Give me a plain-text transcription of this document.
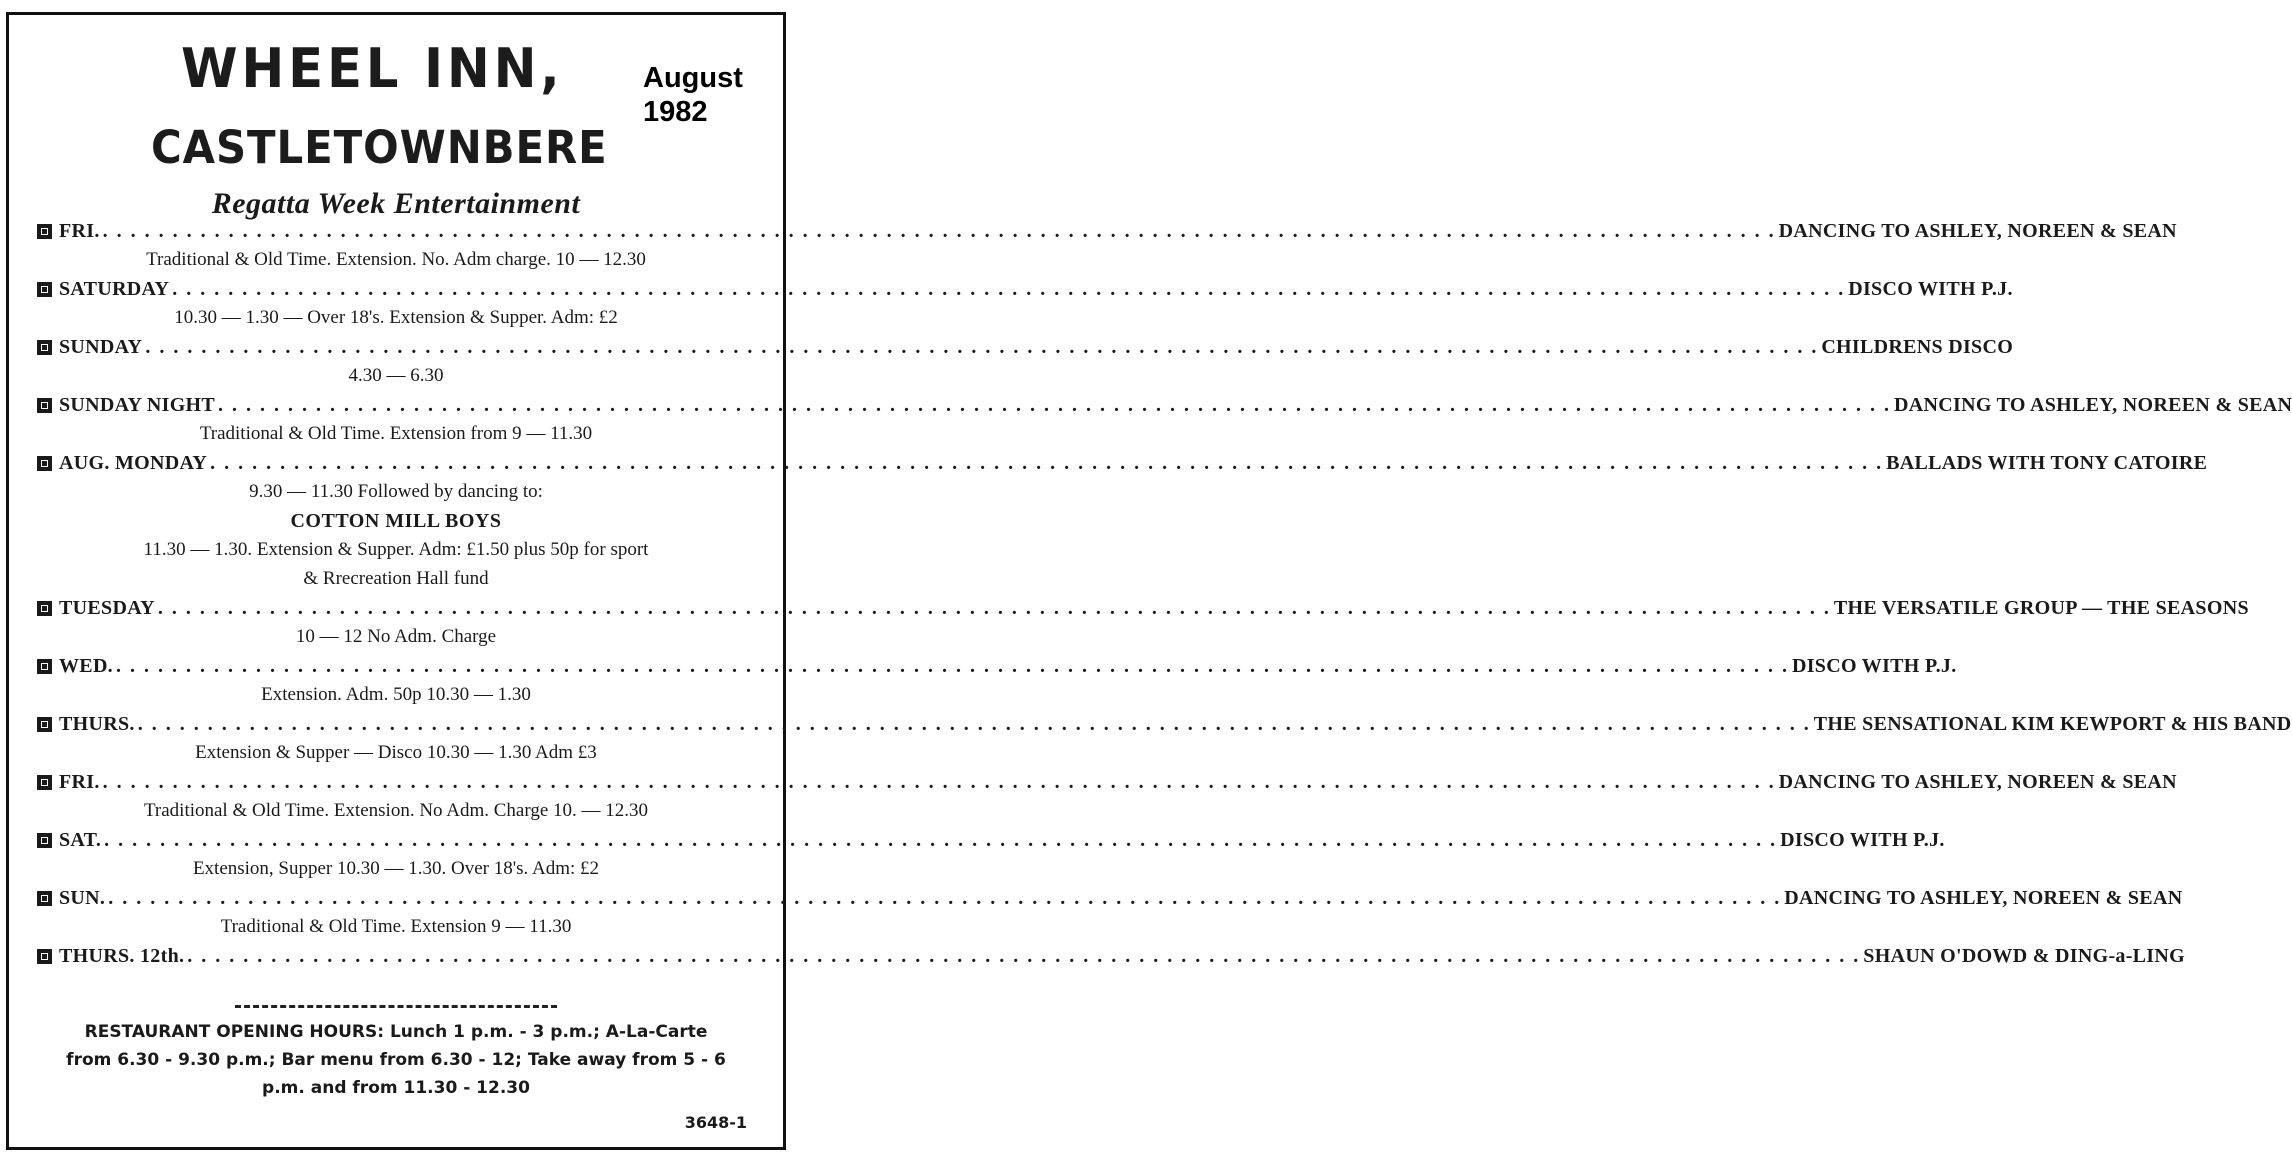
WHEEL INN,
CASTLETOWNBERE
August
1982
Regatta Week Entertainment
FRI. . . . . . . . . . . . . . . . . . . . . . . . . . . . . . . . . . . . . . . . . . . . . . . . . . . . . . . . . . . . . . . . . . . . . . . . . . . . . . . . . . . . . . . . . . . . . . . . . . . . . . . . . . . . . . . . . . . . . . . . . DANCING TO ASHLEY, NOREEN & SEAN
Traditional & Old Time. Extension. No. Adm charge. 10 — 12.30
SATURDAY . . . . . . . . . . . . . . . . . . . . . . . . . . . . . . . . . . . . . . . . . . . . . . . . . . . . . . . . . . . . . . . . . . . . . . . . . . . . . . . . . . . . . . . . . . . . . . . . . . . . . . . . . . . . . . . . . . . . . . . . DISCO WITH P.J.
10.30 — 1.30 — Over 18's. Extension & Supper. Adm: £2
SUNDAY . . . . . . . . . . . . . . . . . . . . . . . . . . . . . . . . . . . . . . . . . . . . . . . . . . . . . . . . . . . . . . . . . . . . . . . . . . . . . . . . . . . . . . . . . . . . . . . . . . . . . . . . . . . . . . . . . . . . . . . . CHILDRENS DISCO
4.30 — 6.30
SUNDAY NIGHT . . . . . . . . . . . . . . . . . . . . . . . . . . . . . . . . . . . . . . . . . . . . . . . . . . . . . . . . . . . . . . . . . . . . . . . . . . . . . . . . . . . . . . . . . . . . . . . . . . . . . . . . . . . . . . . . . . . . . . . . DANCING TO ASHLEY, NOREEN & SEAN
Traditional & Old Time. Extension from 9 — 11.30
AUG. MONDAY . . . . . . . . . . . . . . . . . . . . . . . . . . . . . . . . . . . . . . . . . . . . . . . . . . . . . . . . . . . . . . . . . . . . . . . . . . . . . . . . . . . . . . . . . . . . . . . . . . . . . . . . . . . . . . . . . . . . . . . . BALLADS WITH TONY CATOIRE
9.30 — 11.30 Followed by dancing to:
COTTON MILL BOYS
11.30 — 1.30. Extension & Supper. Adm: £1.50 plus 50p for sport
& Rrecreation Hall fund
TUESDAY . . . . . . . . . . . . . . . . . . . . . . . . . . . . . . . . . . . . . . . . . . . . . . . . . . . . . . . . . . . . . . . . . . . . . . . . . . . . . . . . . . . . . . . . . . . . . . . . . . . . . . . . . . . . . . . . . . . . . . . . THE VERSATILE GROUP — THE SEASONS
10 — 12 No Adm. Charge
WED. . . . . . . . . . . . . . . . . . . . . . . . . . . . . . . . . . . . . . . . . . . . . . . . . . . . . . . . . . . . . . . . . . . . . . . . . . . . . . . . . . . . . . . . . . . . . . . . . . . . . . . . . . . . . . . . . . . . . . . . . DISCO WITH P.J.
Extension. Adm. 50p 10.30 — 1.30
THURS. . . . . . . . . . . . . . . . . . . . . . . . . . . . . . . . . . . . . . . . . . . . . . . . . . . . . . . . . . . . . . . . . . . . . . . . . . . . . . . . . . . . . . . . . . . . . . . . . . . . . . . . . . . . . . . . . . . . . . . . . THE SENSATIONAL KIM KEWPORT & HIS BAND
Extension & Supper — Disco 10.30 — 1.30 Adm £3
FRI. . . . . . . . . . . . . . . . . . . . . . . . . . . . . . . . . . . . . . . . . . . . . . . . . . . . . . . . . . . . . . . . . . . . . . . . . . . . . . . . . . . . . . . . . . . . . . . . . . . . . . . . . . . . . . . . . . . . . . . . . DANCING TO ASHLEY, NOREEN & SEAN
Traditional & Old Time. Extension. No Adm. Charge 10. — 12.30
SAT. . . . . . . . . . . . . . . . . . . . . . . . . . . . . . . . . . . . . . . . . . . . . . . . . . . . . . . . . . . . . . . . . . . . . . . . . . . . . . . . . . . . . . . . . . . . . . . . . . . . . . . . . . . . . . . . . . . . . . . . . DISCO WITH P.J.
Extension, Supper 10.30 — 1.30. Over 18's. Adm: £2
SUN. . . . . . . . . . . . . . . . . . . . . . . . . . . . . . . . . . . . . . . . . . . . . . . . . . . . . . . . . . . . . . . . . . . . . . . . . . . . . . . . . . . . . . . . . . . . . . . . . . . . . . . . . . . . . . . . . . . . . . . . . DANCING TO ASHLEY, NOREEN & SEAN
Traditional & Old Time. Extension 9 — 11.30
THURS. 12th. . . . . . . . . . . . . . . . . . . . . . . . . . . . . . . . . . . . . . . . . . . . . . . . . . . . . . . . . . . . . . . . . . . . . . . . . . . . . . . . . . . . . . . . . . . . . . . . . . . . . . . . . . . . . . . . . . . . . . . . . SHAUN O'DOWD & DING-a-LING
RESTAURANT OPENING HOURS: Lunch 1 p.m. - 3 p.m.; A-La-Carte
from 6.30 - 9.30 p.m.; Bar menu from 6.30 - 12; Take away from 5 - 6
p.m. and from 11.30 - 12.30
3648-1
